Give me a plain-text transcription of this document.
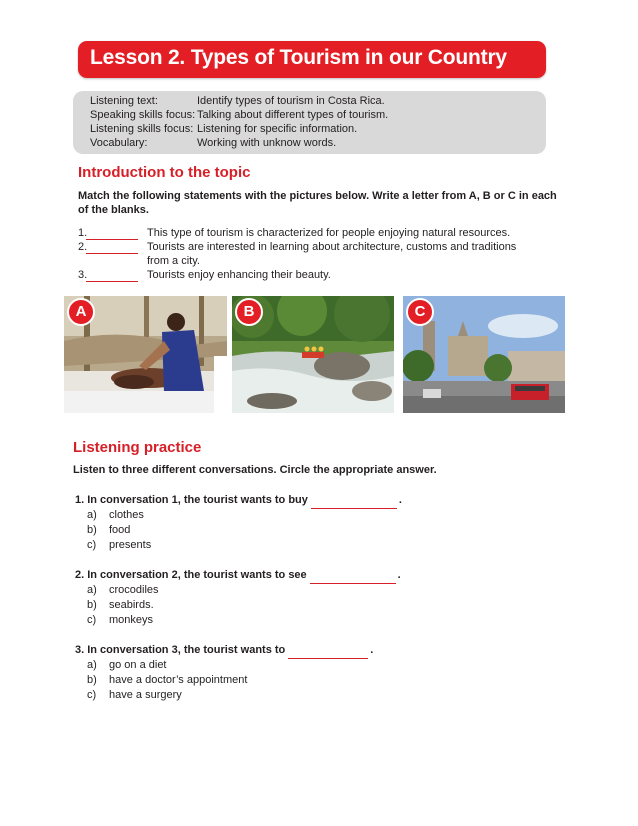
Lesson 2. Types of Tourism in our Country
Listening text:	Identify types of tourism in Costa Rica.
Speaking skills focus: Talking about different types of tourism.
Listening skills focus: Listening for specific information.
Vocabulary:	Working with unknow words.
Introduction to the topic
Match the following statements with the pictures below. Write a letter from A, B or C in each of the blanks.
1.	This type of tourism is characterized for people enjoying natural resources.
2.	Tourists are interested in learning about architecture, customs and traditions
from a city.
3.	Tourists enjoy enhancing their beauty.
A	B	C
Listening practice
Listen to three different conversations. Circle the appropriate answer.
1. In conversation 1, the tourist wants to buy	.
a) clothes
b) food
c) presents
2. In conversation 2, the tourist wants to see	.
a) crocodiles
b) seabirds.
c) monkeys
3. In conversation 3, the tourist wants to	.
a) go on a diet
b) have a doctor’s appointment
c) have a surgery
